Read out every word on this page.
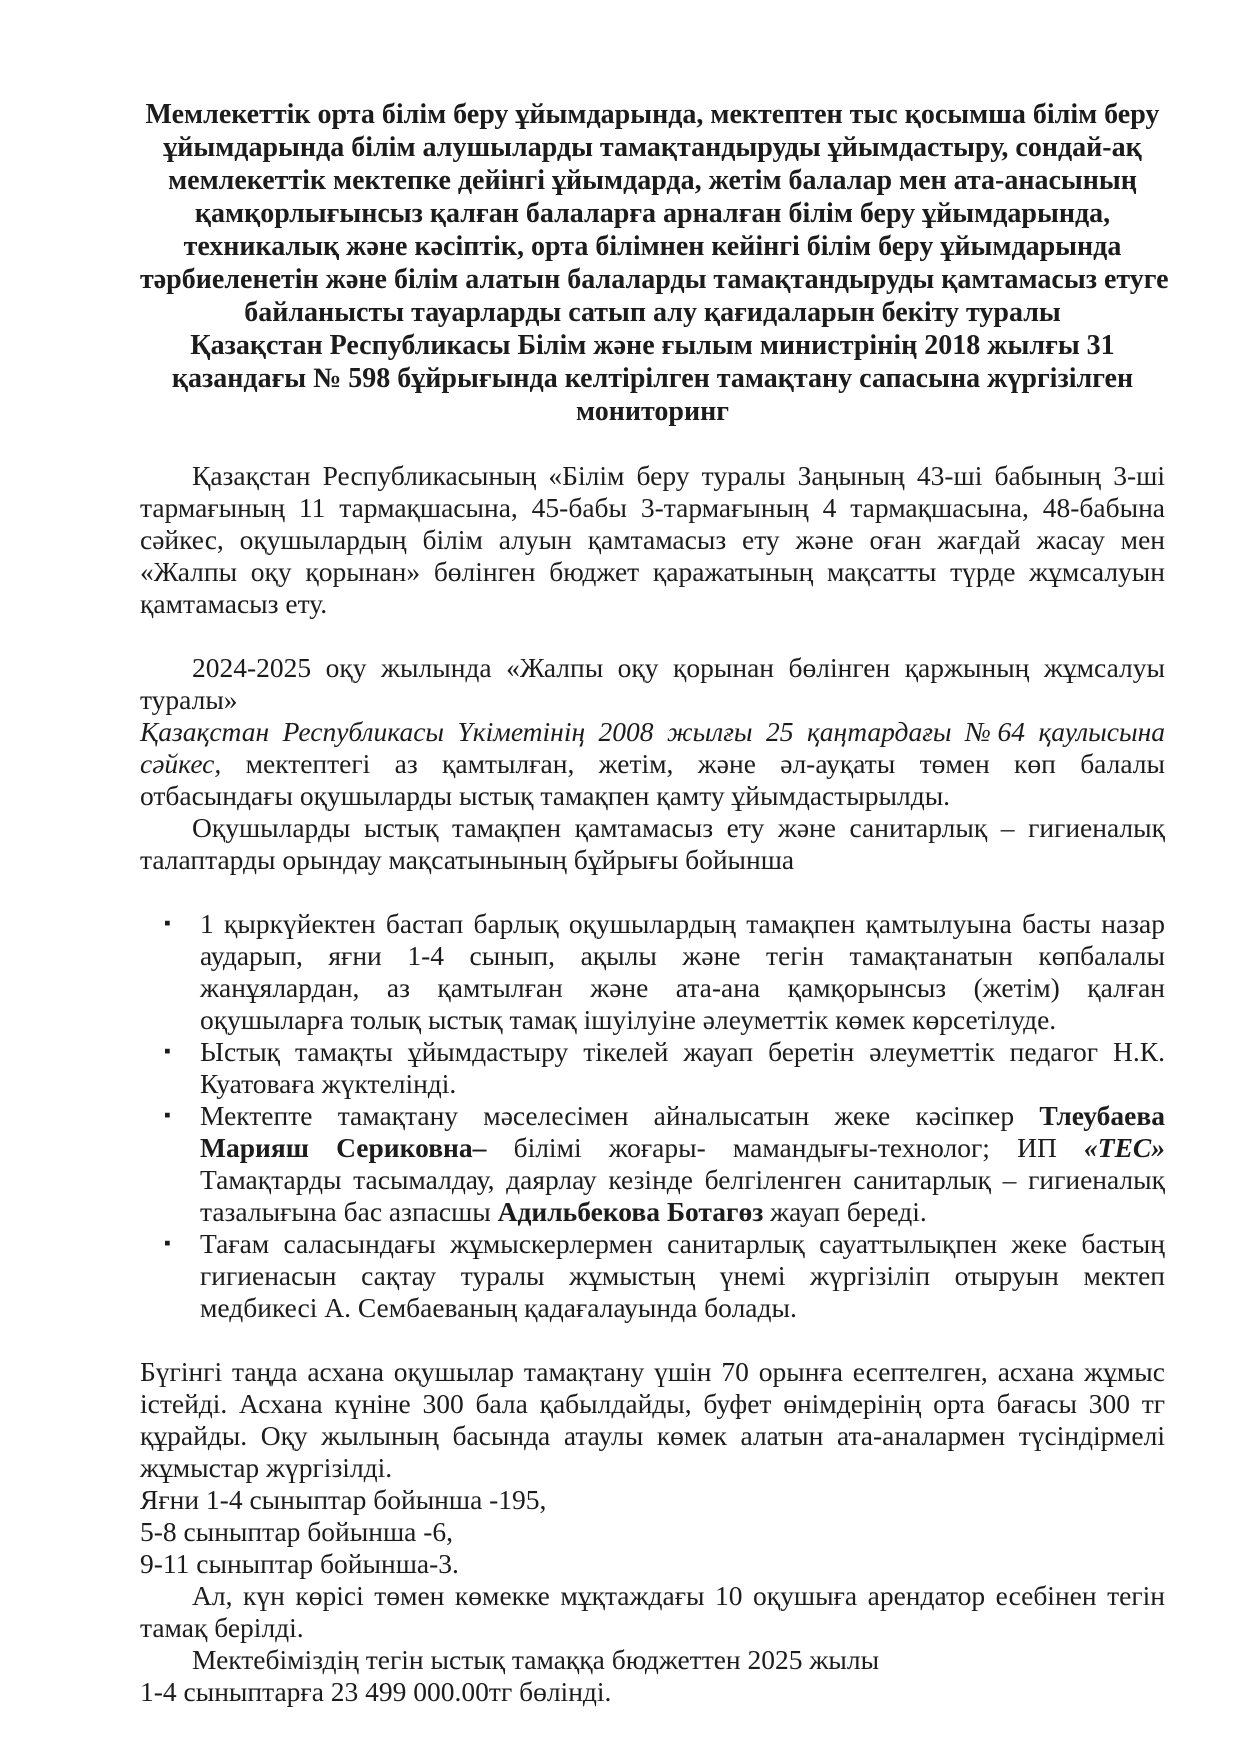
Мемлекеттік орта білім беру ұйымдарында, мектептен тыс қосымша білім беру
ұйымдарында білім алушыларды тамақтандыруды ұйымдастыру, сондай-ақ
мемлекеттік мектепке дейінгі ұйымдарда, жетім балалар мен ата-анасының
қамқорлығынсыз қалған балаларға арналған білім беру ұйымдарында,
техникалық және кәсіптік, орта білімнен кейінгі білім беру ұйымдарында
тәрбиеленетін және білім алатын балаларды тамақтандыруды қамтамасыз етуге
байланысты тауарларды сатып алу қағидаларын бекіту туралы
Қазақстан Республикасы Білім және ғылым министрінің 2018 жылғы 31
қазандағы № 598 бұйрығында келтірілген тамақтану сапасына жүргізілген
мониторинг
Қазақстан Республикасының «Білім беру туралы Заңының 43-ші бабының 3-ші тармағының 11 тармақшасына, 45-бабы 3-тармағының 4 тармақшасына, 48-бабына сәйкес, оқушылардың білім алуын қамтамасыз ету және оған жағдай жасау мен «Жалпы оқу қорынан» бөлінген бюджет қаражатының мақсатты түрде жұмсалуын қамтамасыз ету.
2024-2025 оқу жылында «Жалпы оқу қорынан бөлінген қаржының жұмсалуы туралы»
Қазақстан Республикасы Үкіметінің 2008 жылғы 25 қаңтардағы №64 қаулысына сәйкес, мектептегі аз қамтылған, жетім, және әл-ауқаты төмен көп балалы отбасындағы оқушыларды ыстық тамақпен қамту ұйымдастырылды.
Оқушыларды ыстық тамақпен қамтамасыз ету және санитарлық – гигиеналық талаптарды орындау мақсатынының бұйрығы бойынша
▪ 1 қыркүйектен бастап барлық оқушылардың тамақпен қамтылуына басты назар аударып, яғни 1-4 сынып, ақылы және тегін тамақтанатын көпбалалы жанұялардан, аз қамтылған және ата-ана қамқорынсыз (жетім) қалған оқушыларға толық ыстық тамақ ішуілуіне әлеуметтік көмек көрсетілуде.
▪ Ыстық тамақты ұйымдастыру тікелей жауап беретін әлеуметтік педагог Н.К. Куатоваға жүктелінді.
▪ Мектепте тамақтану мәселесімен айналысатын жеке кәсіпкер Тлеубаева Марияш Сериковна– білімі жоғары- мамандығы-технолог; ИП «ТЕС» Тамақтарды тасымалдау, даярлау кезінде белгіленген санитарлық – гигиеналық тазалығына бас азпасшы Адильбекова Ботагөз жауап береді.
▪ Тағам саласындағы жұмыскерлермен санитарлық сауаттылықпен жеке бастың гигиенасын сақтау туралы жұмыстың үнемі жүргізіліп отыруын мектеп медбикесі А. Сембаеваның қадағалауында болады.
Бүгінгі таңда асхана оқушылар тамақтану үшін 70 орынға есептелген, асхана жұмыс істейді. Асхана күніне 300 бала қабылдайды, буфет өнімдерінің орта бағасы 300 тг құрайды. Оқу жылының басында атаулы көмек алатын ата-аналармен түсіндірмелі жұмыстар жүргізілді.
Яғни 1-4 сыныптар бойынша -195,
5-8 сыныптар бойынша -6,
9-11 сыныптар бойынша-3.
Ал, күн көрісі төмен көмекке мұқтаждағы 10 оқушыға арендатор есебінен тегін тамақ берілді.
Мектебіміздің тегін ыстық тамаққа бюджеттен 2025 жылы
1-4 сыныптарға 23 499 000.00тг бөлінді.
